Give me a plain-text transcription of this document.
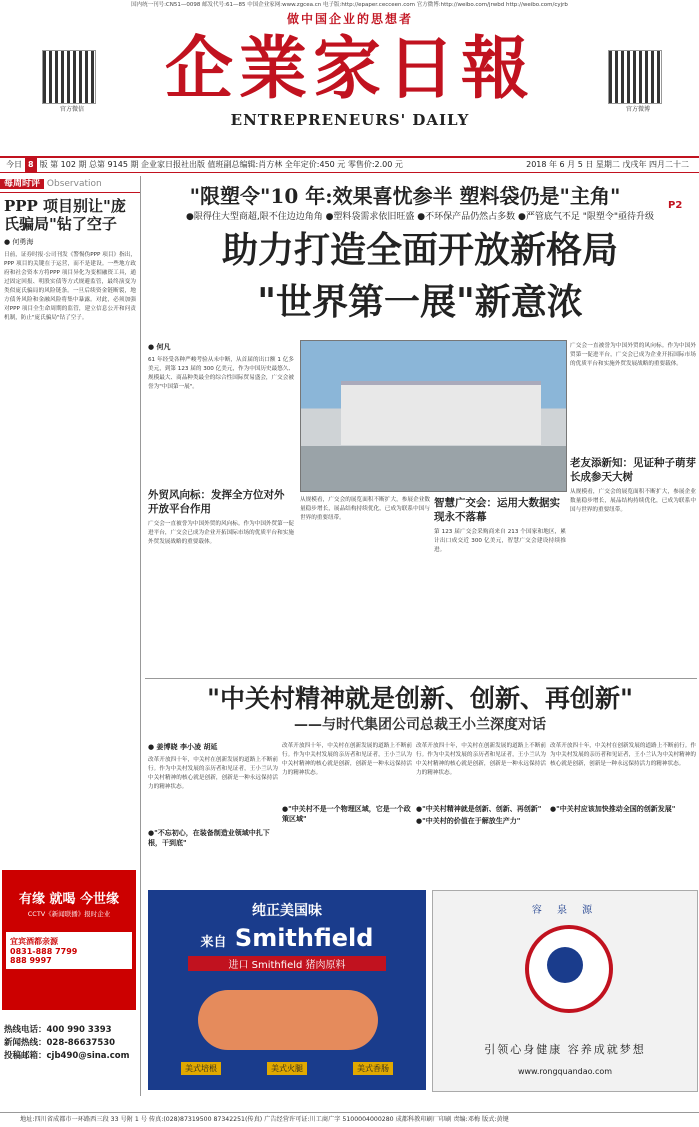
国内统一刊号:CN51—0098 邮发代号:61—85 中国企业家网:www.zgcea.cn 电子版:http://epaper.cecceen.com 官方微博:http://weibo.com/jrwbd http://weibo.com/cyjrb
做中国企业的思想者
企業家日報
ENTREPRENEURS' DAILY
官方微信	官方微博
今日 8 版 第 102 期 总第 9145 期 企业家日报社出版 值班副总编辑:肖方林 全年定价:450 元 零售价:2.00 元	2018 年 6 月 5 日 星期二 戊戌年 四月二十二
每周时评 Observation
PPP 项目别让"庞氏骗局"钻了空子
● 何勇海
日前，证券时报·公司刊发《警惕伪PPP 项目》指出，PPP 项目的关键在于运营，而不是建设。一些地方政府和社会资本方将PPP 项目异化为变相融资工具，通过固定回报、明股实债等方式规避监管，最终演变为类似庞氏骗局的风险链条。一旦后续资金链断裂，地方债务风险和金融风险将集中暴露。对此，必须加强对PPP 项目全生命周期的监管，建立信息公开和问责机制，防止"庞氏骗局"钻了空子。
有缘 就喝 今世缘
CCTV《新闻联播》报时企业
宜宾酒都亲源
0831-888 7799
888 9997
热线电话：400 990 3393
新闻热线：028-86637530
投稿邮箱：cjb490@sina.com
"限塑令"10 年:效果喜忧参半 塑料袋仍是"主角"
●限得住大型商超,限不住边边角角 ●塑料袋需求依旧旺盛 ●不环保产品仍然占多数 ●严管底气不足 "限塑令"亟待升级
P2
助力打造全面开放新格局
"世界第一展"新意浓
● 何凡
61 年经受各种严峻考验从未中断，从首届的出口额 1 亿多美元，到第 123 届的 300 亿美元，作为中国历史最悠久、规模最大、商品种类最全的综合性国际贸易盛会，广交会被誉为"中国第一展"。
外贸风向标：发挥全方位对外开放平台作用
广交会一直被誉为中国外贸的风向标。作为中国外贸第一促进平台，广交会已成为企业开拓国际市场的优质平台和实施外贸发展战略的重要载体。
从规模看，广交会的展览面积不断扩大，参展企业数量稳步增长，展品结构持续优化，已成为联系中国与世界的重要纽带。
智慧广交会：运用大数据实现永不落幕
第 123 届广交会采购商来自 213 个国家和地区，累计出口成交近 300 亿美元，智慧广交会建设持续推进。
广交会一直被誉为中国外贸的风向标。作为中国外贸第一促进平台，广交会已成为企业开拓国际市场的优质平台和实施外贸发展战略的重要载体。
老友添新知：见证种子萌芽长成参天大树
从规模看，广交会的展览面积不断扩大，参展企业数量稳步增长，展品结构持续优化，已成为联系中国与世界的重要纽带。
"中关村精神就是创新、创新、再创新"
——与时代集团公司总裁王小兰深度对话
● 姜博晓 李小凌 胡延
改革开放四十年，中关村在创新发展的道路上不断前行。作为中关村发展的亲历者和见证者，王小兰认为中关村精神的核心就是创新，创新是一种永远保持活力的精神状态。
●"不忘初心，在装备制造业领域中扎下根，干到底"
改革开放四十年，中关村在创新发展的道路上不断前行。作为中关村发展的亲历者和见证者，王小兰认为中关村精神的核心就是创新，创新是一种永远保持活力的精神状态。
●"中关村不是一个物理区域，它是一个政策区域"
改革开放四十年，中关村在创新发展的道路上不断前行。作为中关村发展的亲历者和见证者，王小兰认为中关村精神的核心就是创新，创新是一种永远保持活力的精神状态。
●"中关村精神就是创新、创新、再创新"
●"中关村的价值在于解放生产力"
改革开放四十年，中关村在创新发展的道路上不断前行。作为中关村发展的亲历者和见证者，王小兰认为中关村精神的核心就是创新，创新是一种永远保持活力的精神状态。
●"中关村应该加快推动全国的创新发展"
纯正美国味
来自 Smithfield
进口 Smithfield 猪肉原料
美式培根	美式火腿	美式香肠
容 泉 源
引领心身健康 容养成就梦想
www.rongquandao.com
地址:四川省成都市一环路西三段 33 号附 1 号 传真:(028)87319500 87342251(传真) 广告经营许可证:川工商广字 5100004000280 成都科教印刷厂印刷 责编:邓梅 版式:黄键
